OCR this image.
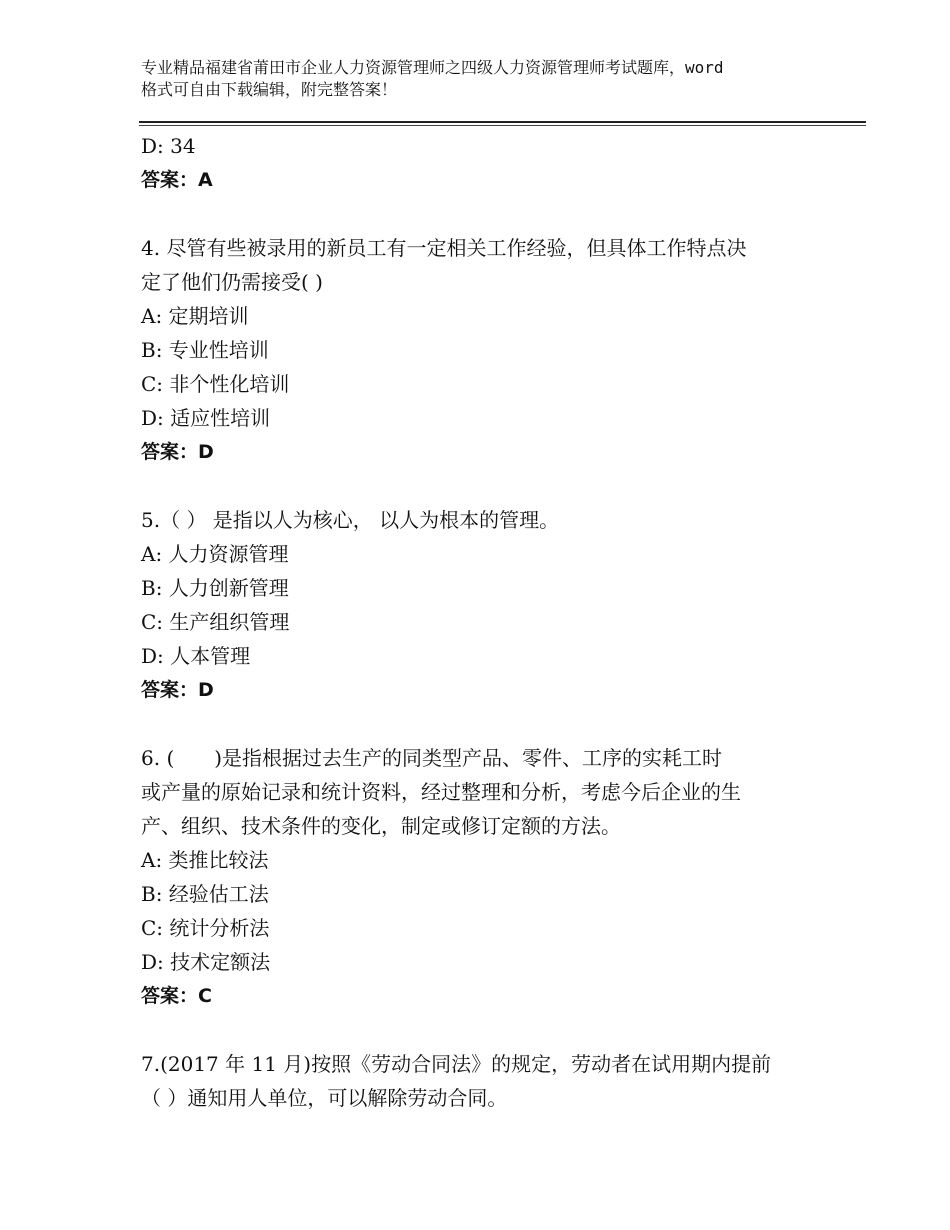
专业精品福建省莆田市企业人力资源管理师之四级人力资源管理师考试题库，word
格式可自由下载编辑，附完整答案！
D: 34
答案：A
4. 尽管有些被录用的新员工有一定相关工作经验，但具体工作特点决
定了他们仍需接受( )
A: 定期培训
B: 专业性培训
C: 非个性化培训
D: 适应性培训
答案：D
5.（ ） 是指以人为核心， 以人为根本的管理。
A: 人力资源管理
B: 人力创新管理
C: 生产组织管理
D: 人本管理
答案：D
6. (　　)是指根据过去生产的同类型产品、零件、工序的实耗工时
或产量的原始记录和统计资料，经过整理和分析，考虑今后企业的生
产、组织、技术条件的变化，制定或修订定额的方法。
A: 类推比较法
B: 经验估工法
C: 统计分析法
D: 技术定额法
答案：C
7.(2017 年 11 月)按照《劳动合同法》的规定，劳动者在试用期内提前
（ ）通知用人单位，可以解除劳动合同。
